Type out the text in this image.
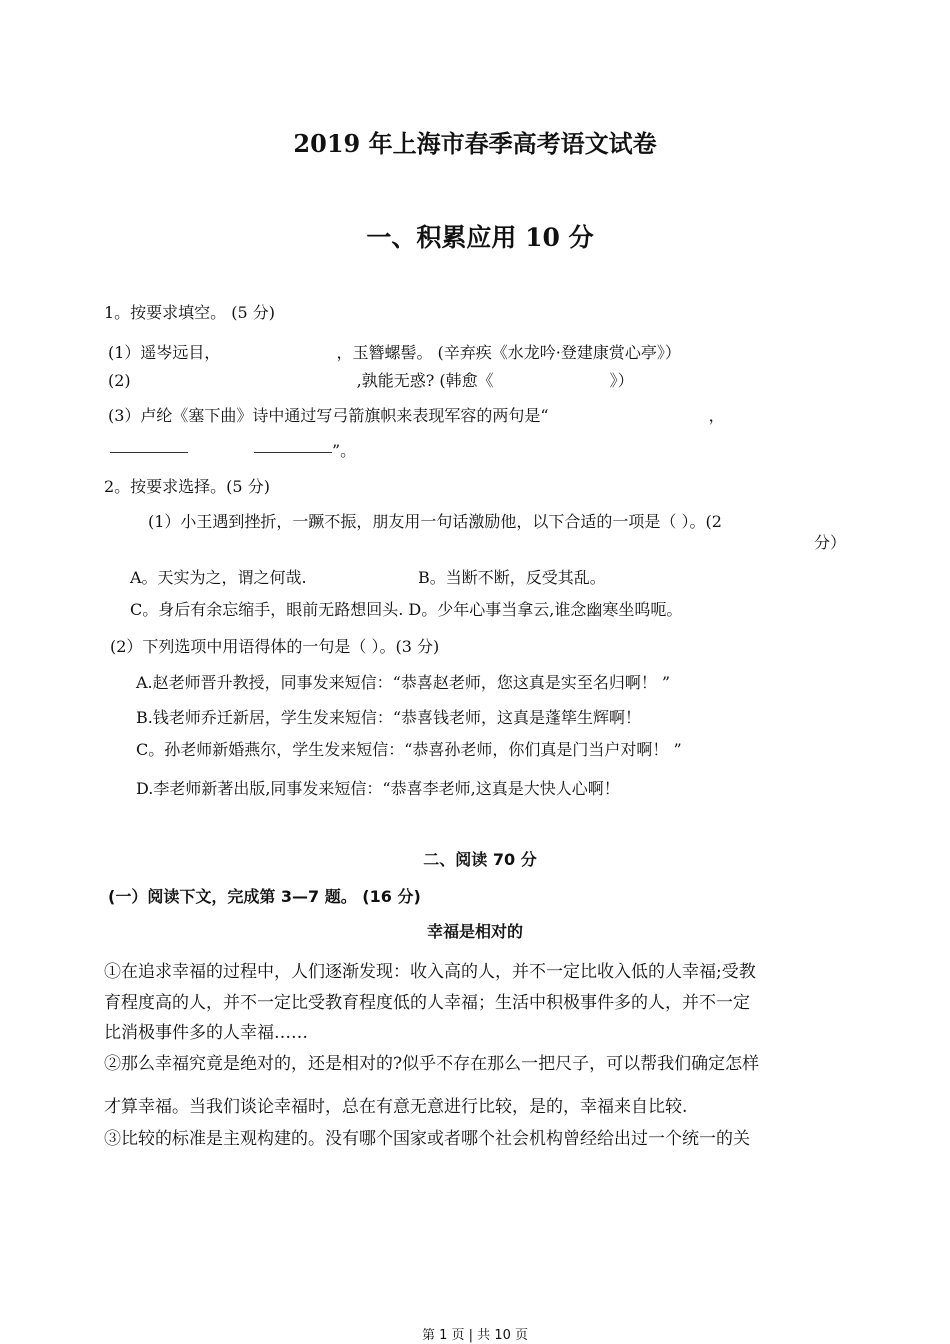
2019 年上海市春季高考语文试卷
一、积累应用 10 分
1。按要求填空。 (5 分)
(1）遥岑远目，	，玉簪螺髻。 (辛弃疾《水龙吟·登建康赏心亭》）
(2)	,孰能无惑? (韩愈《	》）
(3）卢纶《塞下曲》诗中通过写弓箭旗帜来表现军容的两句是“	，
”。
2。按要求选择。(5 分)
(1）小王遇到挫折，一蹶不振，朋友用一句话激励他，以下合适的一项是（ ）。(2
分）
A。天实为之，谓之何哉.	B。当断不断，反受其乱。
C。身后有余忘缩手，眼前无路想回头. D。少年心事当拿云,谁念幽寒坐呜呃。
(2）下列选项中用语得体的一句是（ ）。(3 分)
A.赵老师晋升教授，同事发来短信：“恭喜赵老师，您这真是实至名归啊！ ”
B.钱老师乔迁新居，学生发来短信：“恭喜钱老师，这真是蓬筚生辉啊！
C。孙老师新婚燕尔，学生发来短信：“恭喜孙老师，你们真是门当户对啊！ ”
D.李老师新著出版,同事发来短信：“恭喜李老师,这真是大快人心啊！
二、阅读 70 分
(一）阅读下文，完成第 3—7 题。 (16 分)
幸福是相对的
①在追求幸福的过程中，人们逐渐发现：收入高的人，并不一定比收入低的人幸福;受教
育程度高的人，并不一定比受教育程度低的人幸福；生活中积极事件多的人，并不一定
比消极事件多的人幸福……
②那么幸福究竟是绝对的，还是相对的?似乎不存在那么一把尺子，可以帮我们确定怎样
才算幸福。当我们谈论幸福时，总在有意无意进行比较，是的，幸福来自比较.
③比较的标准是主观构建的。没有哪个国家或者哪个社会机构曾经给出过一个统一的关
第 1 页 | 共 10 页
